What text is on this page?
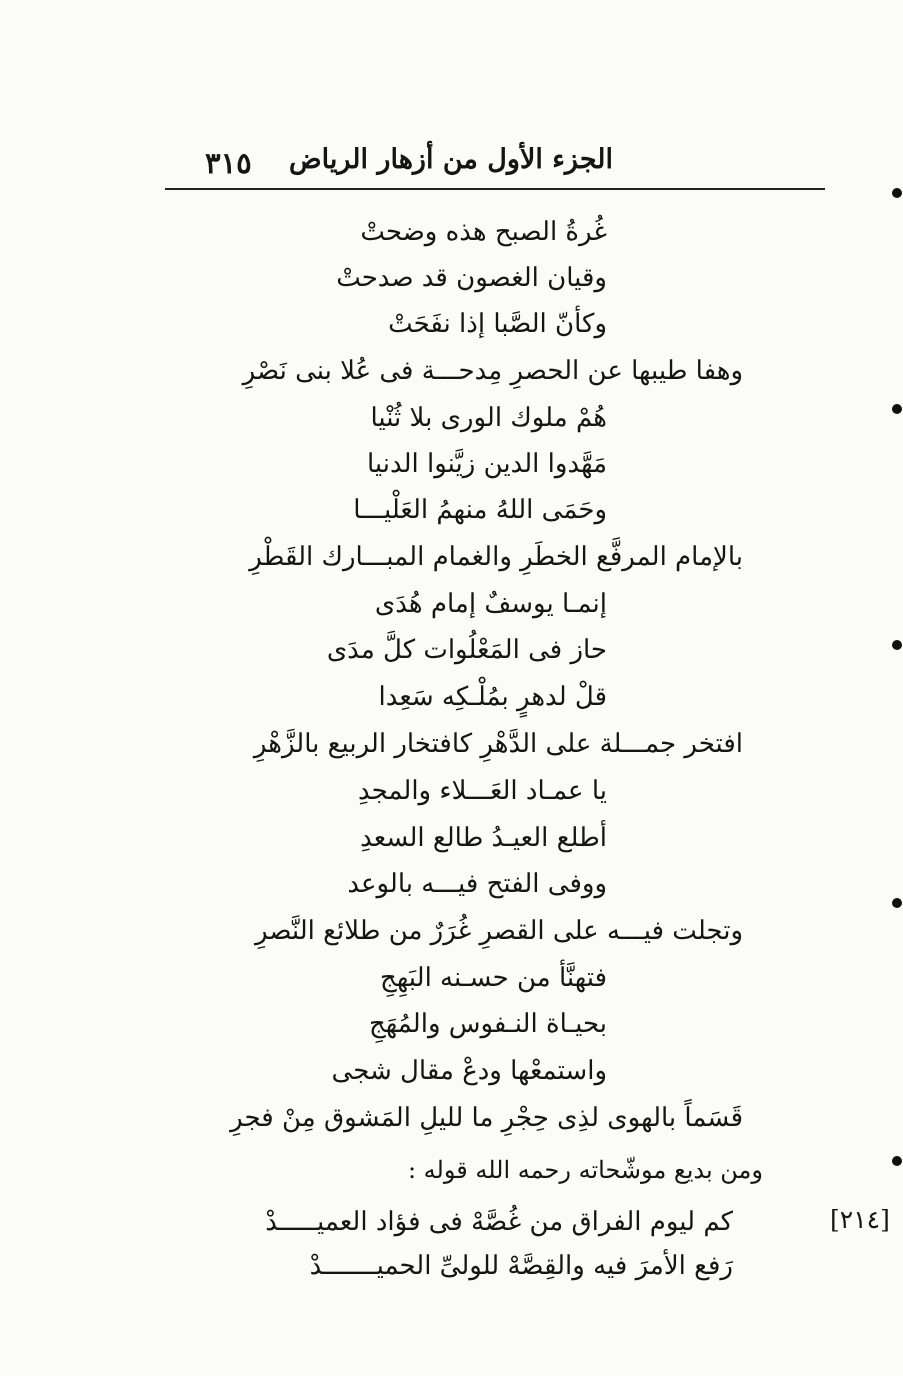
٣١٥ الجزء الأول من أزهار الرياض
غُرةُ الصبح هذه وضحتْ
وقيان الغصون قد صدحتْ
وكأنّ الصَّبا إذا نفَحَتْ
وهفا طيبها عن الحصرِ مِدحـــة فى عُلا بنى نَصْرِ
هُمْ ملوك الورى بلا ثُنْيا
مَهَّدوا الدين زيَّنوا الدنيا
وحَمَى اللهُ منهمُ العَلْيـــا
بالإمام المرفَّع الخطَرِ والغمام المبـــارك القَطْرِ
إنمـا يوسفٌ إمام هُدَى
حاز فى المَعْلُوات كلَّ مدَى
قلْ لدهرٍ بمُلْـكِه سَعِدا
افتخر جمـــلة على الدَّهْرِ كافتخار الربيع بالزَّهْرِ
يا عمـاد العَـــلاء والمجدِ
أطلع العيـدُ طالع السعدِ
ووفى الفتح فيـــه بالوعد
وتجلت فيـــه على القصرِ غُرَرٌ من طلائع النَّصرِ
فتهنَّأ من حسـنه البَهِجِ
بحيـاة النـفوس والمُهَجِ
واستمعْها ودعْ مقال شجى
قَسَماً بالهوى لذِى حِجْرِ ما لليلِ المَشوق مِنْ فجرِ
ومن بديع موشّحاته رحمه الله قوله :
كم ليوم الفراق من غُصَّهْ فى فؤاد العميـــــدْ
رَفع الأمرَ فيه والقِصَّهْ للولىِّ الحميـــــــدْ
[٢١٤]
